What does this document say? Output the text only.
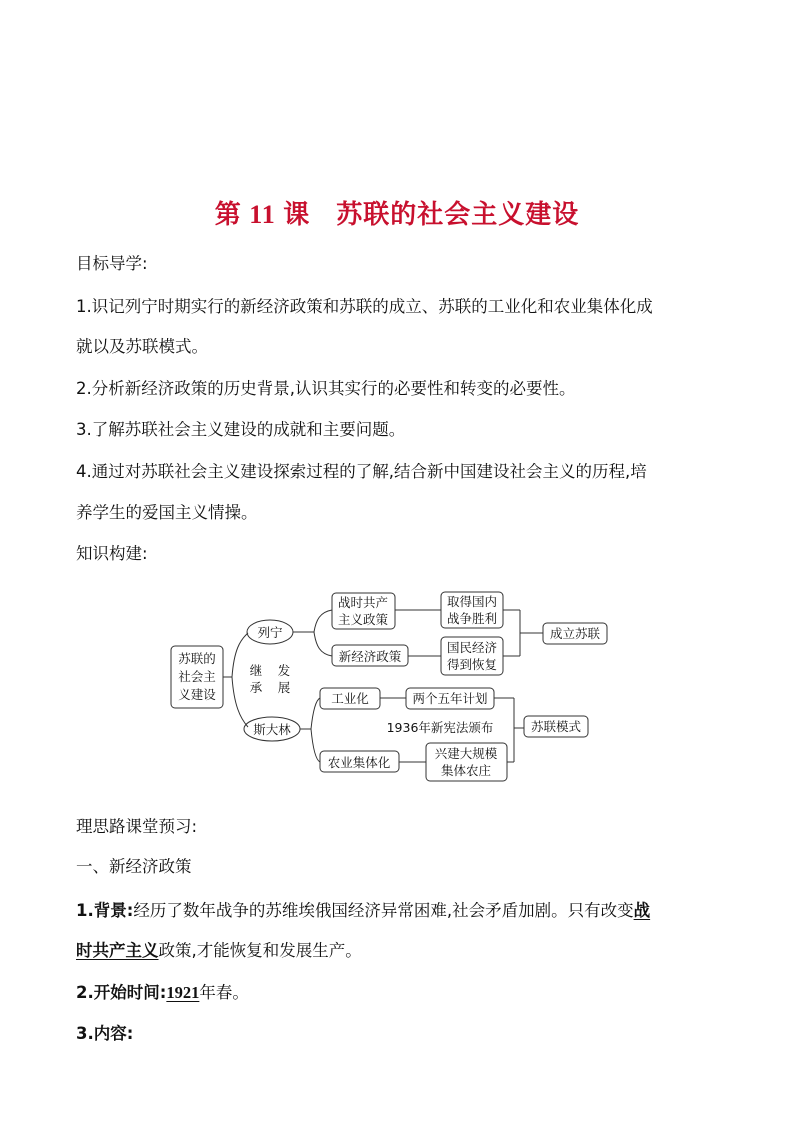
第 11 课 苏联的社会主义建设
目标导学:
1.识记列宁时期实行的新经济政策和苏联的成立、苏联的工业化和农业集体化成
就以及苏联模式。
2.分析新经济政策的历史背景,认识其实行的必要性和转变的必要性。
3.了解苏联社会主义建设的成就和主要问题。
4.通过对苏联社会主义建设探索过程的了解,结合新中国建设社会主义的历程,培
养学生的爱国主义情操。
知识构建:
苏联的
社会主
义建设
列宁
斯大林
继
承
发
展
战时共产
主义政策
新经济政策
取得国内
战争胜利
国民经济
得到恢复
成立苏联
工业化	两个五年计划
1936年新宪法颁布	苏联模式
农业集体化
兴建大规模
集体农庄
理思路课堂预习:
一、新经济政策
1.背景:经历了数年战争的苏维埃俄国经济异常困难,社会矛盾加剧。只有改变战
时共产主义政策,才能恢复和发展生产。
2.开始时间:1921年春。
3.内容:
